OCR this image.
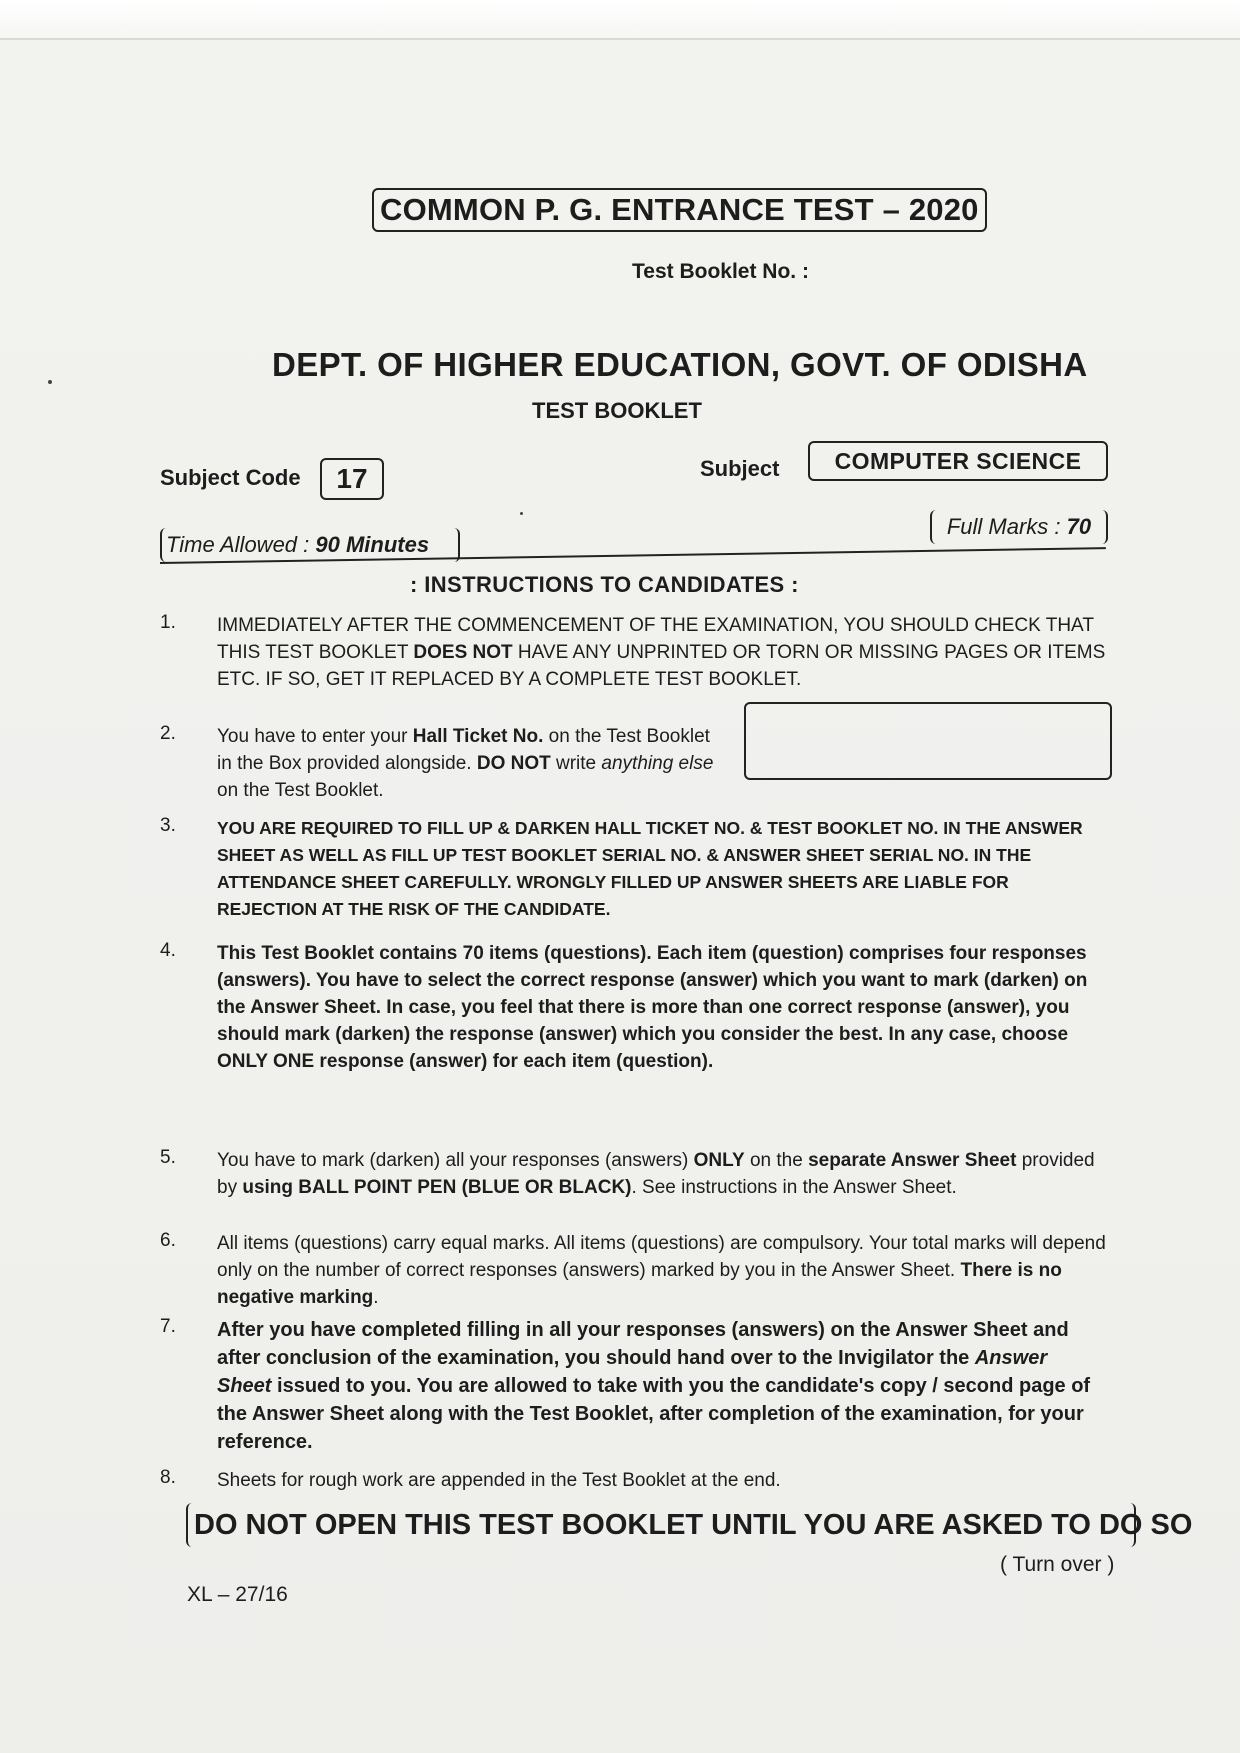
COMMON P. G. ENTRANCE TEST – 2020
Test Booklet No. :
DEPT. OF HIGHER EDUCATION, GOVT. OF ODISHA
TEST BOOKLET
Subject Code	17	Subject	COMPUTER SCIENCE
Time Allowed : 90 Minutes
Full Marks : 70
: INSTRUCTIONS TO CANDIDATES :
1.	IMMEDIATELY AFTER THE COMMENCEMENT OF THE EXAMINATION, YOU SHOULD CHECK THAT THIS TEST BOOKLET DOES NOT HAVE ANY UNPRINTED OR TORN OR MISSING PAGES OR ITEMS ETC. IF SO, GET IT REPLACED BY A COMPLETE TEST BOOKLET.
2.	You have to enter your Hall Ticket No. on the Test Booklet in the Box provided alongside. DO NOT write anything else on the Test Booklet.
3.	YOU ARE REQUIRED TO FILL UP & DARKEN HALL TICKET NO. & TEST BOOKLET NO. IN THE ANSWER SHEET AS WELL AS FILL UP TEST BOOKLET SERIAL NO. & ANSWER SHEET SERIAL NO. IN THE ATTENDANCE SHEET CAREFULLY. WRONGLY FILLED UP ANSWER SHEETS ARE LIABLE FOR REJECTION AT THE RISK OF THE CANDIDATE.
4.	This Test Booklet contains 70 items (questions). Each item (question) comprises four responses (answers). You have to select the correct response (answer) which you want to mark (darken) on the Answer Sheet. In case, you feel that there is more than one correct response (answer), you should mark (darken) the response (answer) which you consider the best. In any case, choose ONLY ONE response (answer) for each item (question).
5.	You have to mark (darken) all your responses (answers) ONLY on the separate Answer Sheet provided by using BALL POINT PEN (BLUE OR BLACK). See instructions in the Answer Sheet.
6.	All items (questions) carry equal marks. All items (questions) are compulsory. Your total marks will depend only on the number of correct responses (answers) marked by you in the Answer Sheet. There is no negative marking.
7.	After you have completed filling in all your responses (answers) on the Answer Sheet and after conclusion of the examination, you should hand over to the Invigilator the Answer Sheet issued to you. You are allowed to take with you the candidate's copy / second page of the Answer Sheet along with the Test Booklet, after completion of the examination, for your reference.
8.	Sheets for rough work are appended in the Test Booklet at the end.
DO NOT OPEN THIS TEST BOOKLET UNTIL YOU ARE ASKED TO DO SO
XL – 27/16
( Turn over )
